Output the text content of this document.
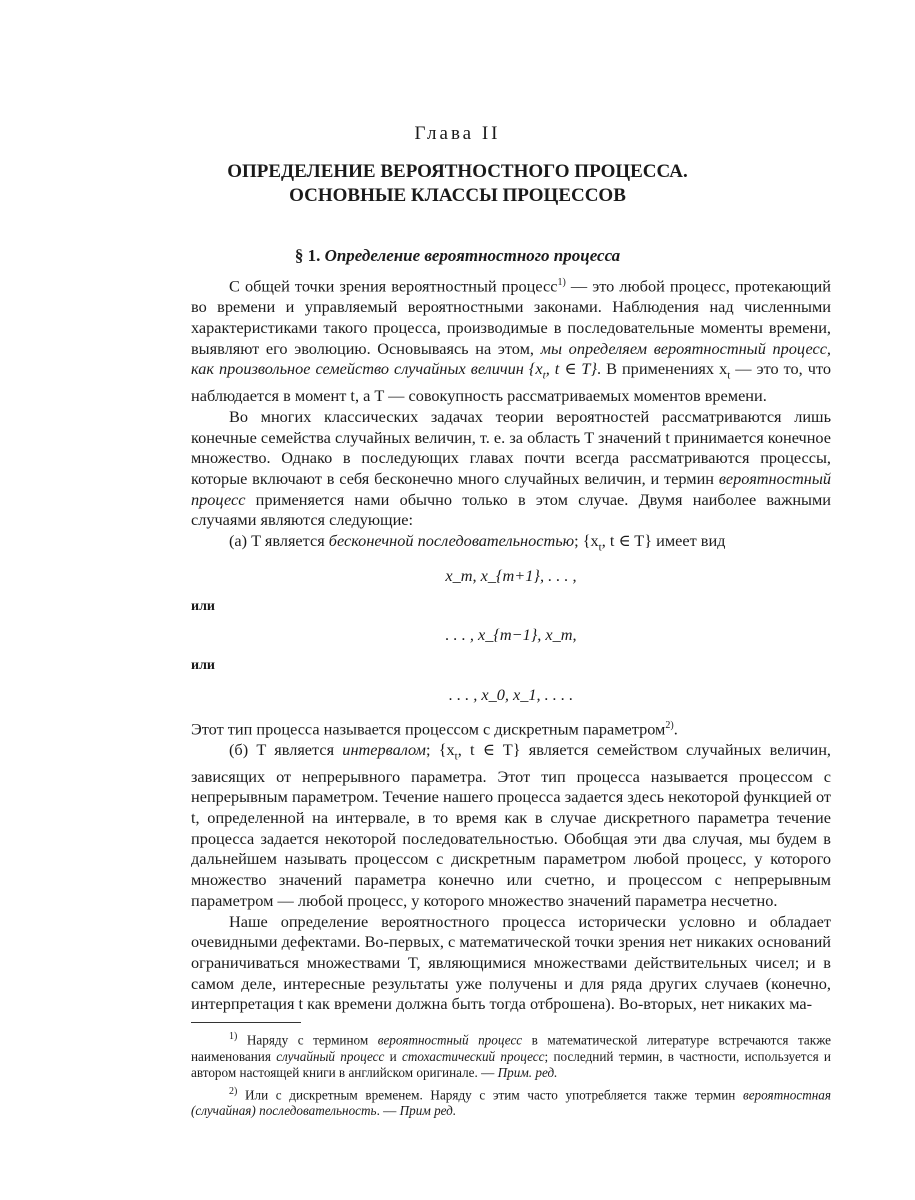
Глава II
ОПРЕДЕЛЕНИЕ ВЕРОЯТНОСТНОГО ПРОЦЕССА.
ОСНОВНЫЕ КЛАССЫ ПРОЦЕССОВ
§ 1. Определение вероятностного процесса

С общей точки зрения вероятностный процесс$^{1)}$ — это любой процесс, протекающий во времени и управляемый вероятностными законами. Наблюдения над численными характеристиками такого процесса, производимые в последовательные моменты времени, выявляют его эволюцию. Основываясь на этом, мы определяем вероятностный процесс, как произвольное семейство случайных величин {$x_t$, t ∈ T}. В применениях $x_t$ — это то, что наблюдается в момент t, а T — совокупность рассматриваемых моментов времени.

Во многих классических задачах теории вероятностей рассматриваются лишь конечные семейства случайных величин, т. е. за область T значений t принимается конечное множество. Однако в последующих главах почти всегда рассматриваются процессы, которые включают в себя бесконечно много случайных величин, и термин вероятностный процесс применяется нами обычно только в этом случае. Двумя наиболее важными случаями являются следующие:

(а) T является бесконечной последовательностью; {$x_t$, t ∈ T} имеет вид

x_m, x_{m+1}, . . . ,

или

. . . , x_{m−1}, x_m,

или

. . . , x_0, x_1, . . . .

Этот тип процесса называется процессом с дискретным параметром$^{2)}$.

(б) T является интервалом; {$x_t$, t ∈ T} является семейством случайных величин, зависящих от непрерывного параметра. Этот тип процесса называется процессом с непрерывным параметром. Течение нашего процесса задается здесь некоторой функцией от t, определенной на интервале, в то время как в случае дискретного параметра течение процесса задается некоторой последовательностью. Обобщая эти два случая, мы будем в дальнейшем называть процессом с дискретным параметром любой процесс, у которого множество значений параметра конечно или счетно, и процессом с непрерывным параметром — любой процесс, у которого множество значений параметра несчетно.

Наше определение вероятностного процесса исторически условно и обладает очевидными дефектами. Во-первых, с математической точки зрения нет никаких оснований ограничиваться множествами T, являющимися множествами действительных чисел; и в самом деле, интересные результаты уже получены и для ряда других случаев (конечно, интерпретация t как времени должна быть тогда отброшена). Во-вторых, нет никаких ма-

$^{1)}$ Наряду с термином вероятностный процесс в математической литературе встречаются также наименования случайный процесс и стохастический процесс; последний термин, в частности, используется и автором настоящей книги в английском оригинале. — Прим. ред.

$^{2)}$ Или с дискретным временем. Наряду с этим часто употребляется также термин вероятностная (случайная) последовательность. — Прим ред.
